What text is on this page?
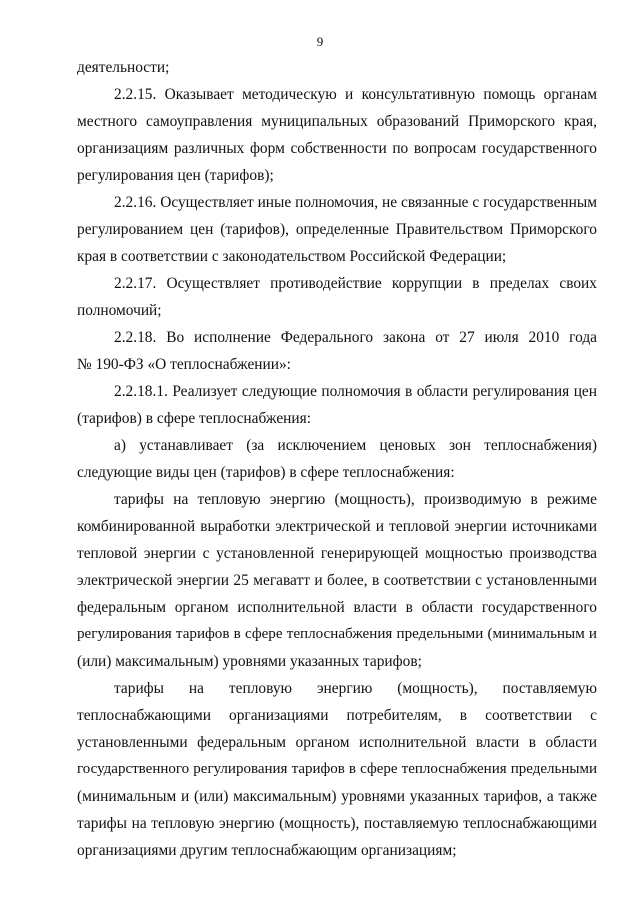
9

деятельности;

2.2.15. Оказывает методическую и консультативную помощь органам
местного самоуправления муниципальных образований Приморского края,
организациям различных форм собственности по вопросам государственного
регулирования цен (тарифов);

2.2.16. Осуществляет иные полномочия, не связанные с государственным
регулированием цен (тарифов), определенные Правительством Приморского
края в соответствии с законодательством Российской Федерации;

2.2.17. Осуществляет противодействие коррупции в пределах своих
полномочий;

2.2.18. Во исполнение Федерального закона от 27 июля 2010 года
№ 190-ФЗ «О теплоснабжении»:

2.2.18.1. Реализует следующие полномочия в области регулирования цен
(тарифов) в сфере теплоснабжения:

а) устанавливает (за исключением ценовых зон теплоснабжения)
следующие виды цен (тарифов) в сфере теплоснабжения:

тарифы на тепловую энергию (мощность), производимую в режиме
комбинированной выработки электрической и тепловой энергии источниками
тепловой энергии с установленной генерирующей мощностью производства
электрической энергии 25 мегаватт и более, в соответствии с установленными
федеральным органом исполнительной власти в области государственного
регулирования тарифов в сфере теплоснабжения предельными (минимальным и
(или) максимальным) уровнями указанных тарифов;

тарифы на тепловую энергию (мощность), поставляемую
теплоснабжающими организациями потребителям, в соответствии с
установленными федеральным органом исполнительной власти в области
государственного регулирования тарифов в сфере теплоснабжения предельными
(минимальным и (или) максимальным) уровнями указанных тарифов, а также
тарифы на тепловую энергию (мощность), поставляемую теплоснабжающими
организациями другим теплоснабжающим организациям;
